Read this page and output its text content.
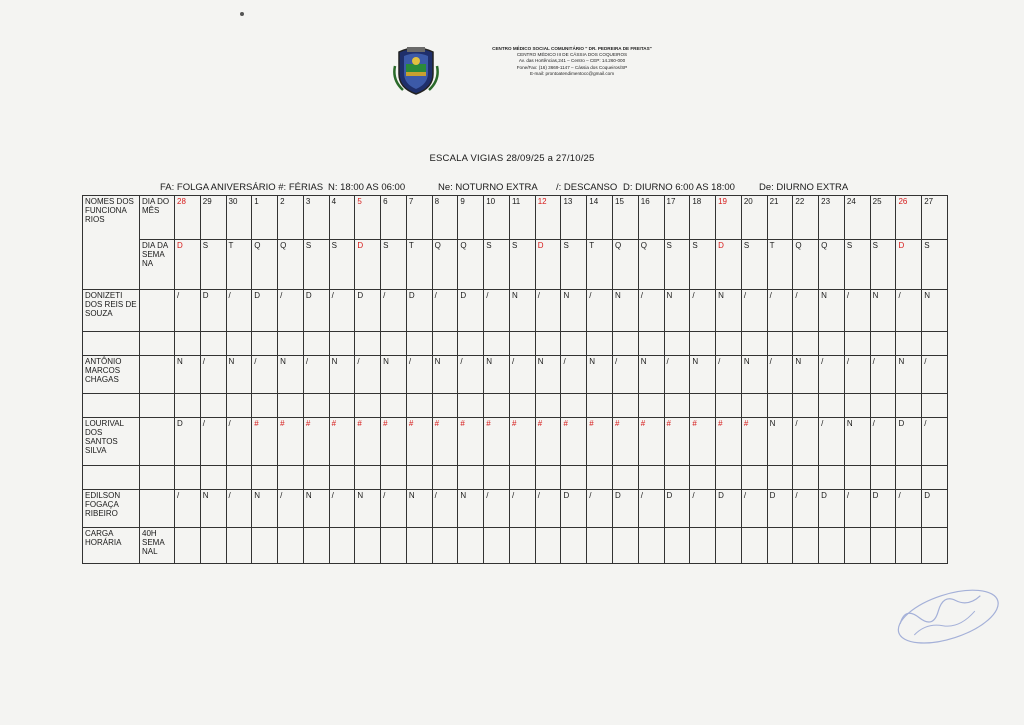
CENTRO MÉDICO SOCIAL COMUNITÁRIO " DR. PEDREIRA DE FREITAS"
CENTRO MÉDICO III DE CÁSSIA DOS COQUEIROS
Av. das Hortências,241 – Centro – CEP: 14.260-000
Fone/Fax: (16) 3669-1147 – Cássia dos Coqueiros/SP
E-mail: prontoatendimentocc@gmail.com
ESCALA VIGIAS 28/09/25 a 27/10/25
FA: FOLGA ANIVERSÁRIO #: FÉRIAS N: 18:00 AS 06:00	Ne: NOTURNO EXTRA /: DESCANSO D: DIURNO 6:00 AS 18:00	De: DIURNO EXTRA
NOMES DOS FUNCIONA RIOS	DIA DO MÊS	28	29	30	1	2	3	4	5	6	7	8	9	10	11	12	13	14	15	16	17	18	19	20	21	22	23	24	25	26	27
	DIA DA SEMA NA	D	S	T	Q	Q	S	S	D	S	T	Q	Q	S	S	D	S	T	Q	Q	S	S	D	S	T	Q	Q	S	S	D	S
DONIZETI DOS REIS DE SOUZA		/	D	/	D	/	D	/	D	/	D	/	D	/	N	/	N	/	N	/	N	/	N	/	/	/	N	/	N	/	N

ANTÔNIO MARCOS CHAGAS		N	/	N	/	N	/	N	/	N	/	N	/	N	/	N	/	N	/	N	/	N	/	N	/	N	/	/	/	N	/

LOURIVAL DOS SANTOS SILVA		D	/	/	#	#	#	#	#	#	#	#	#	#	#	#	#	#	#	#	#	#	#	#	N	/	/	N	/	D	/

EDILSON FOGAÇA RIBEIRO		/	N	/	N	/	N	/	N	/	N	/	N	/	/	/	D	/	D	/	D	/	D	/	D	/	D	/	D	/	D
CARGA HORÁRIA	40H SEMA NAL																														
